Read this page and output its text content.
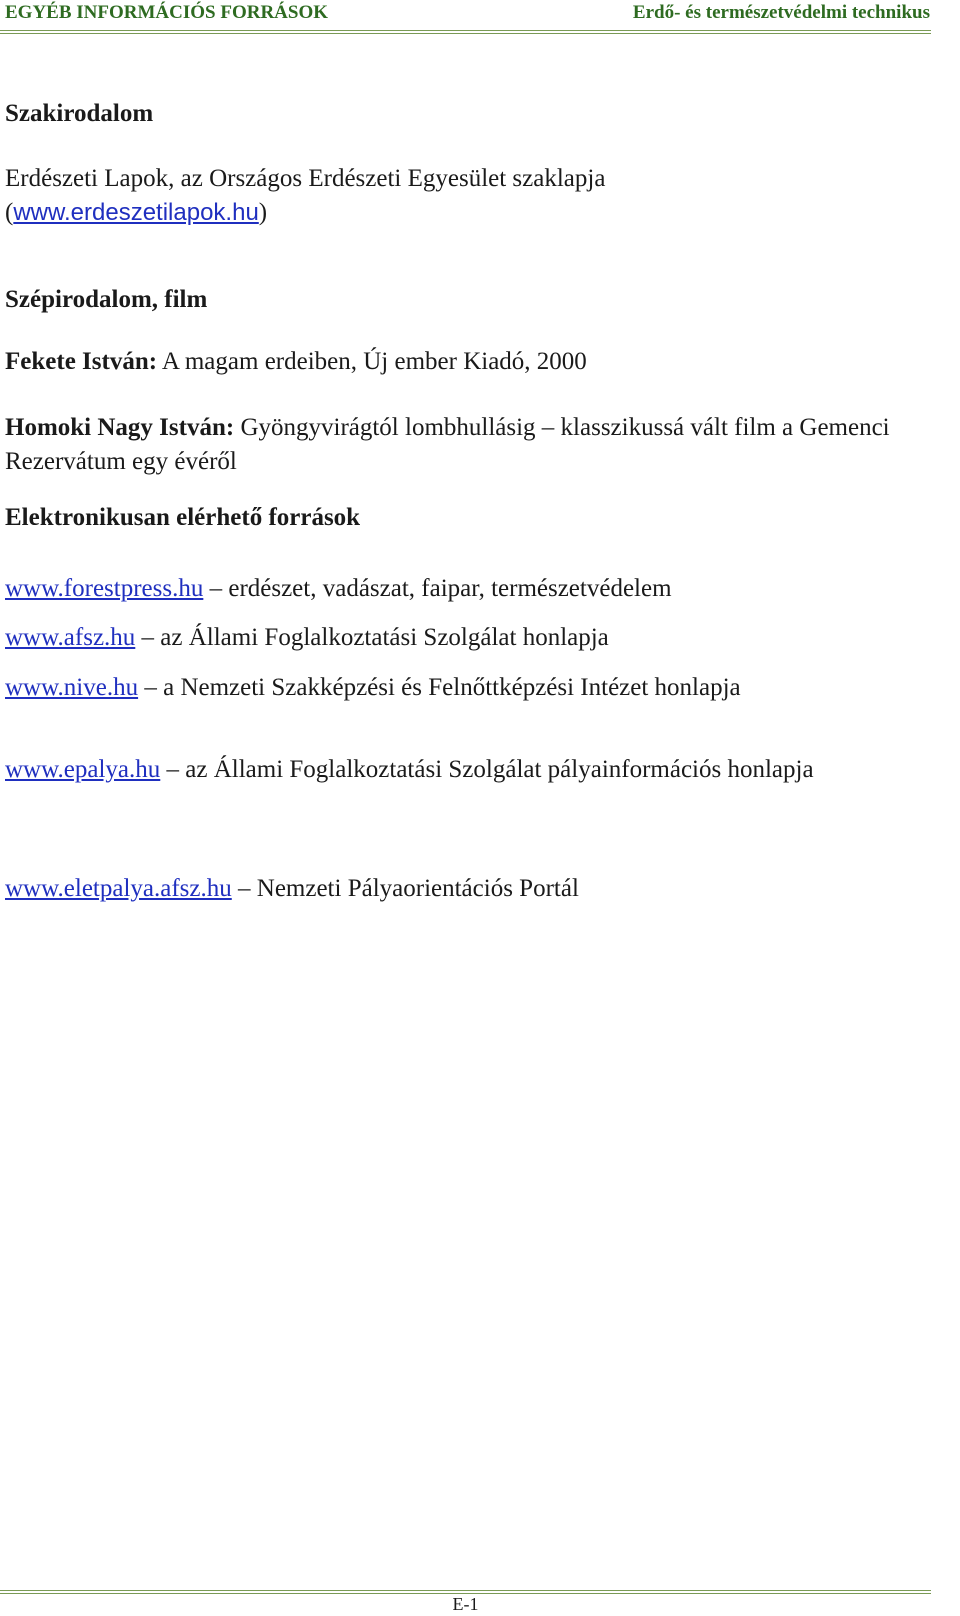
EGYÉB INFORMÁCIÓS FORRÁSOK	Erdő- és természetvédelmi technikus
Szakirodalom
Erdészeti Lapok, az Országos Erdészeti Egyesület szaklapja
(www.erdeszetilapok.hu)
Szépirodalom, film
Fekete István: A magam erdeiben, Új ember Kiadó, 2000
Homoki Nagy István: Gyöngyvirágtól lombhullásig – klasszikussá vált film a Gemenci Rezervátum egy évéről
Elektronikusan elérhető források
www.forestpress.hu – erdészet, vadászat, faipar, természetvédelem
www.afsz.hu – az Állami Foglalkoztatási Szolgálat honlapja
www.nive.hu – a Nemzeti Szakképzési és Felnőttképzési Intézet honlapja
www.epalya.hu – az Állami Foglalkoztatási Szolgálat pályainformációs honlapja
www.eletpalya.afsz.hu – Nemzeti Pályaorientációs Portál
E-1
